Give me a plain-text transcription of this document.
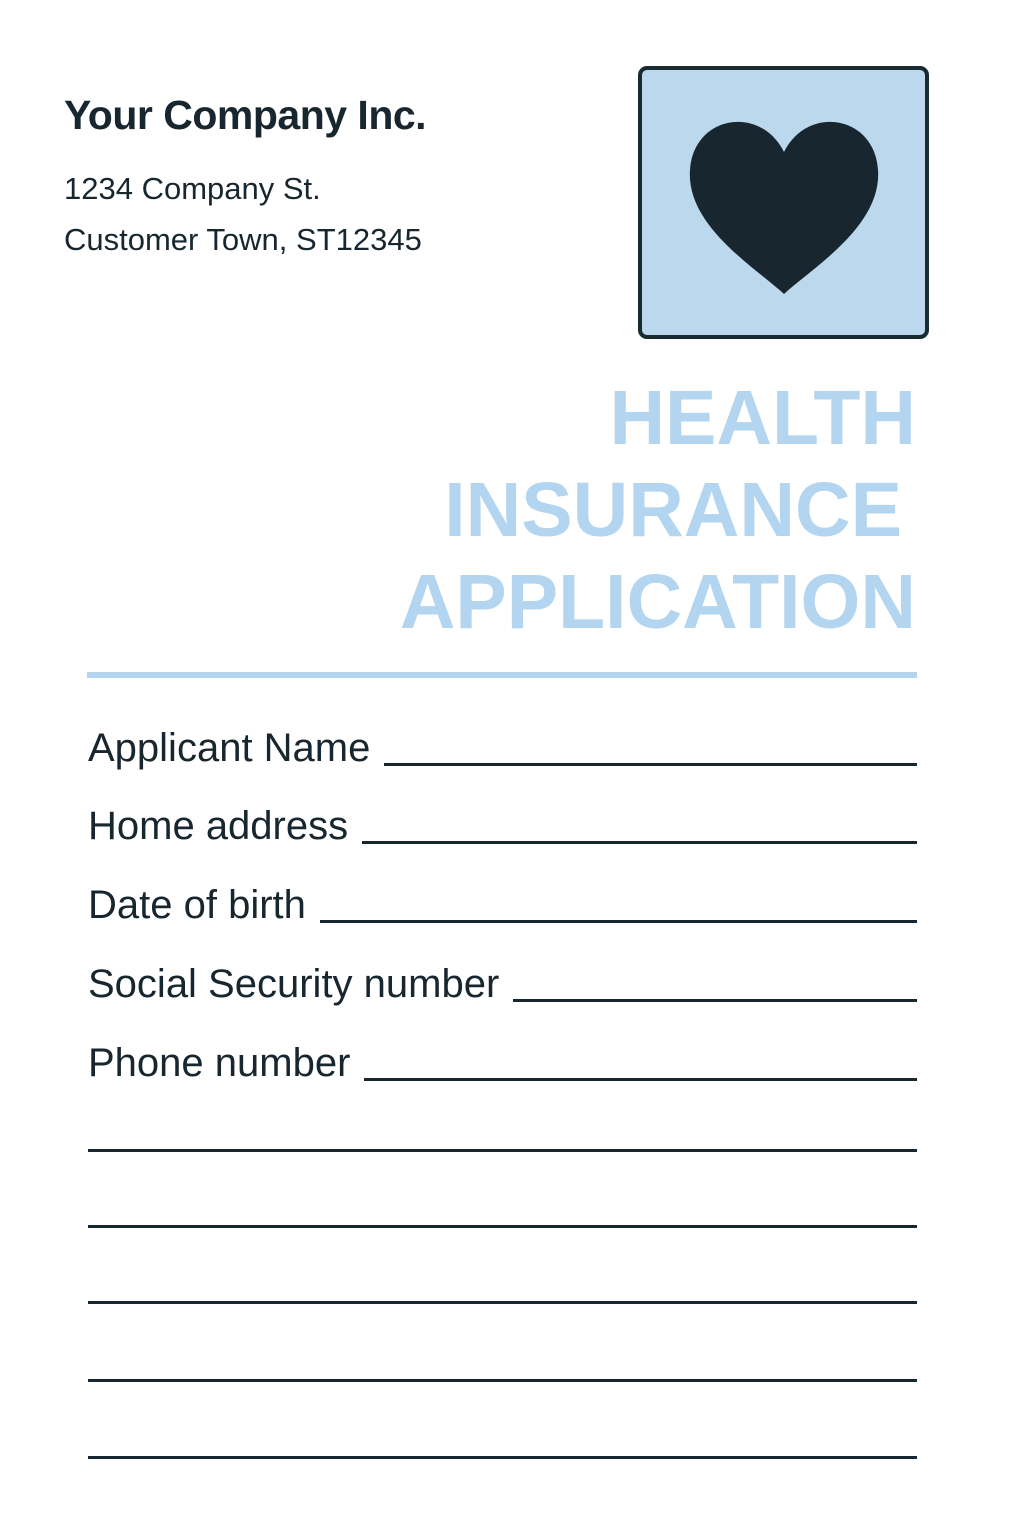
Your Company Inc.
1234 Company St.
Customer Town, ST12345
HEALTH
INSURANCE
APPLICATION
Applicant Name
Home address
Date of birth
Social Security number
Phone number
